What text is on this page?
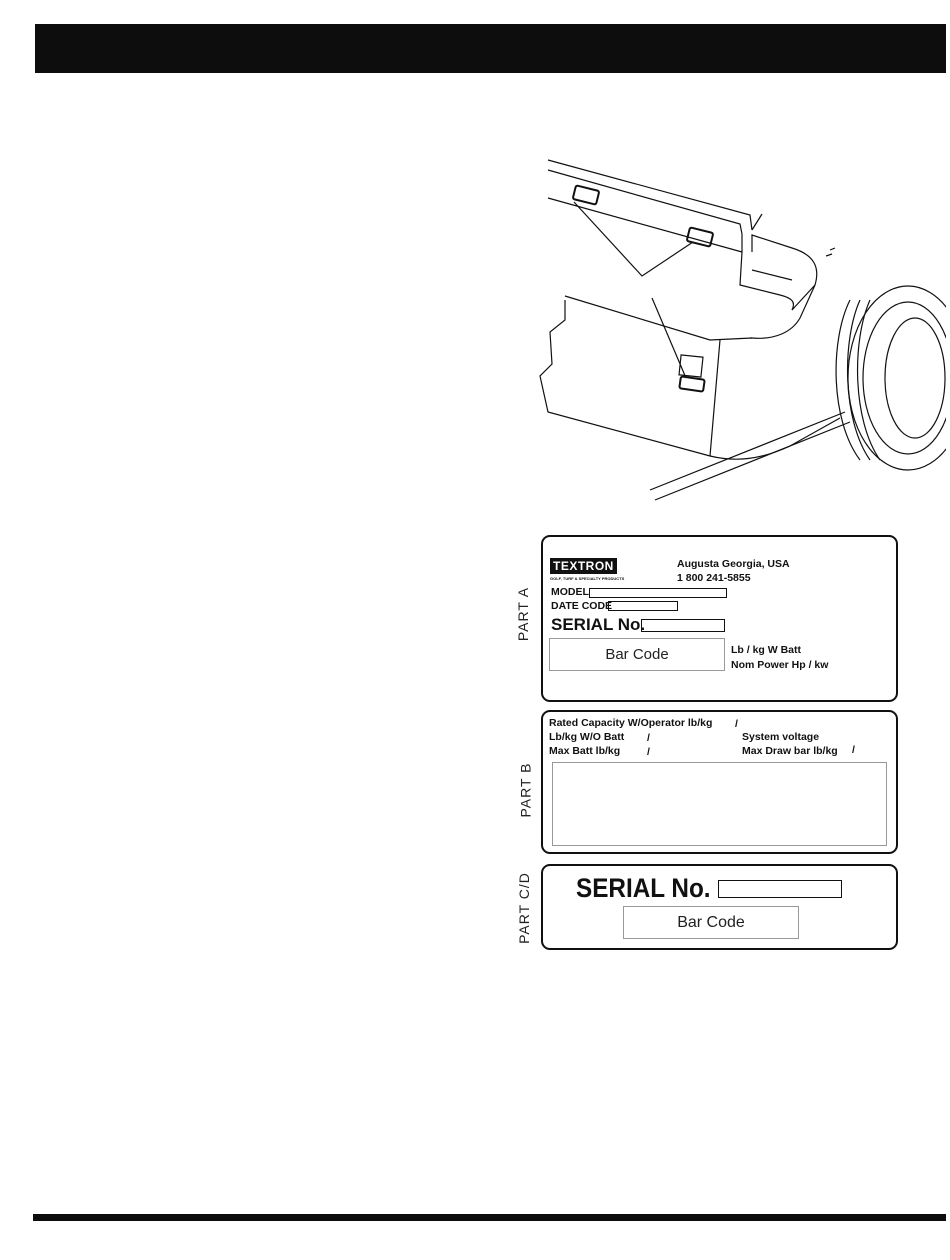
PART A
PART B
PART C/D
TEXTRON
GOLF, TURF & SPECIALTY PRODUCTS
Augusta Georgia, USA
1 800 241-5855
MODEL
DATE CODE
SERIAL No.
Bar Code	Lb / kg W Batt
Nom Power Hp / kw
Rated Capacity W/Operator lb/kg /
Lb/kg W/O Batt /	System voltage
Max Batt lb/kg	/	Max Draw bar lb/kg /
SERIAL No.
Bar Code
